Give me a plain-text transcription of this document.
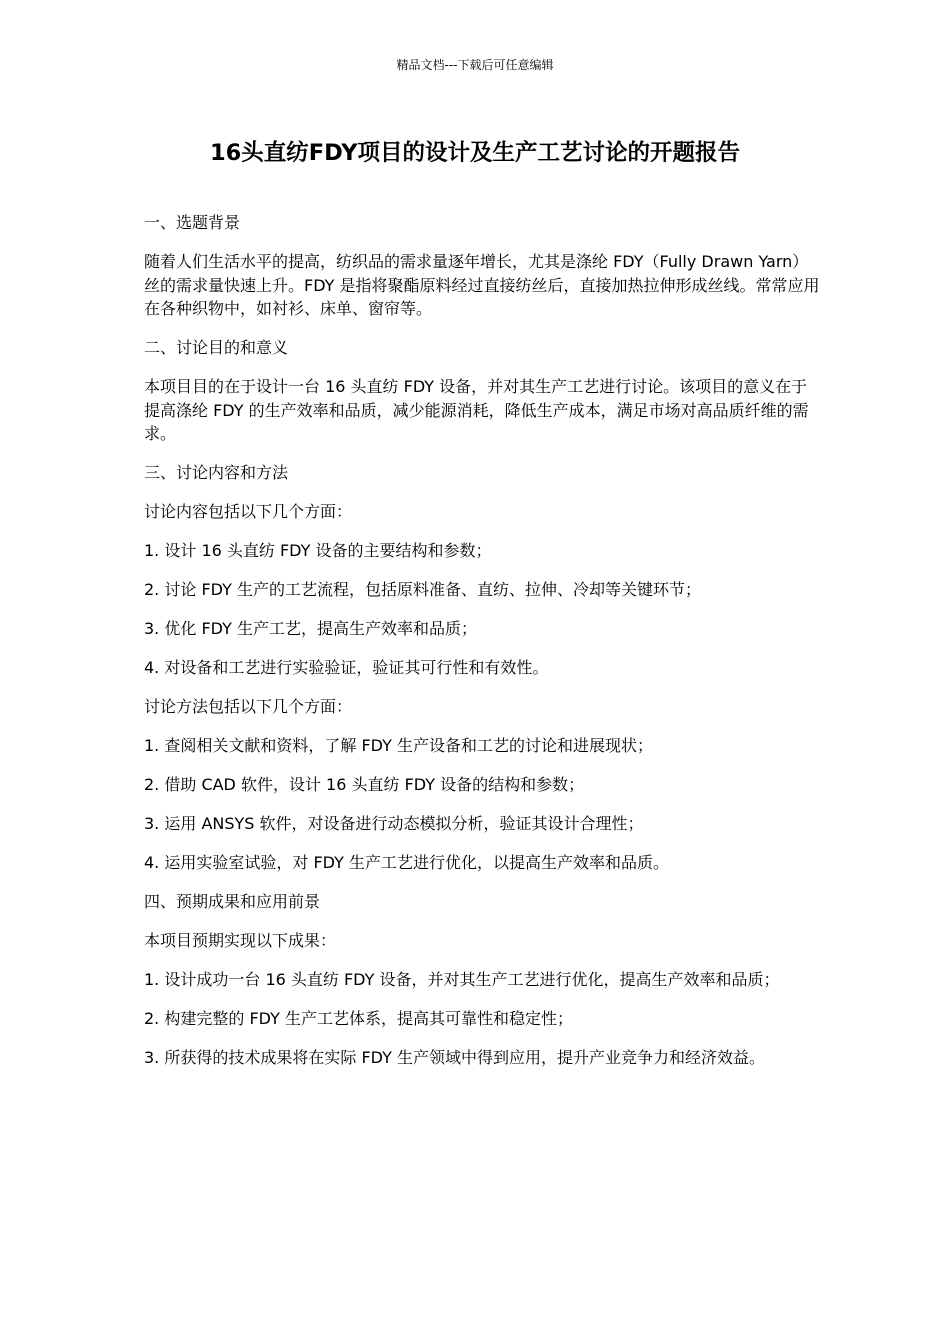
精品文档---下载后可任意编辑
16头直纺FDY项目的设计及生产工艺讨论的开题报告

一、选题背景

随着人们生活水平的提高，纺织品的需求量逐年增长，尤其是涤纶 FDY（Fully Drawn Yarn）丝的需求量快速上升。FDY 是指将聚酯原料经过直接纺丝后，直接加热拉伸形成丝线。常常应用在各种织物中，如衬衫、床单、窗帘等。

二、讨论目的和意义

本项目目的在于设计一台 16 头直纺 FDY 设备，并对其生产工艺进行讨论。该项目的意义在于提高涤纶 FDY 的生产效率和品质，减少能源消耗，降低生产成本，满足市场对高品质纤维的需求。

三、讨论内容和方法

讨论内容包括以下几个方面：

1. 设计 16 头直纺 FDY 设备的主要结构和参数；

2. 讨论 FDY 生产的工艺流程，包括原料准备、直纺、拉伸、冷却等关键环节；

3. 优化 FDY 生产工艺，提高生产效率和品质；

4. 对设备和工艺进行实验验证，验证其可行性和有效性。

讨论方法包括以下几个方面：

1. 查阅相关文献和资料，了解 FDY 生产设备和工艺的讨论和进展现状；

2. 借助 CAD 软件，设计 16 头直纺 FDY 设备的结构和参数；

3. 运用 ANSYS 软件，对设备进行动态模拟分析，验证其设计合理性；

4. 运用实验室试验，对 FDY 生产工艺进行优化，以提高生产效率和品质。

四、预期成果和应用前景

本项目预期实现以下成果：

1. 设计成功一台 16 头直纺 FDY 设备，并对其生产工艺进行优化，提高生产效率和品质；

2. 构建完整的 FDY 生产工艺体系，提高其可靠性和稳定性；

3. 所获得的技术成果将在实际 FDY 生产领域中得到应用，提升产业竞争力和经济效益。
